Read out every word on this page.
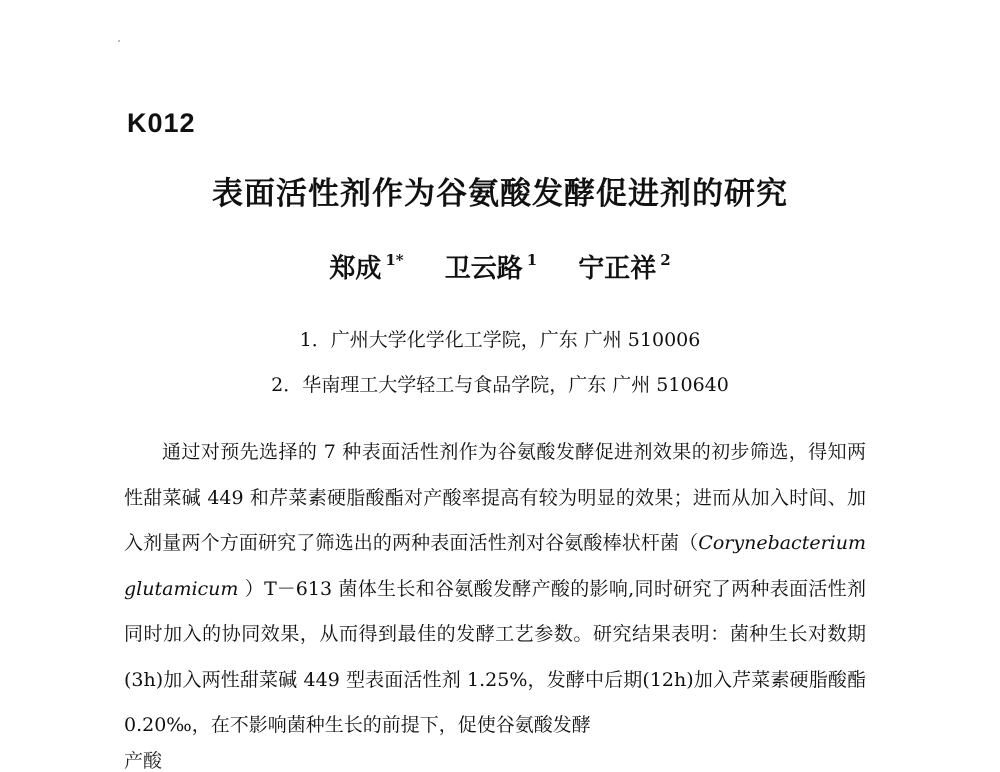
K012
表面活性剂作为谷氨酸发酵促进剂的研究
郑成 $^{1*}$ 卫云路 $^1$ 宁正祥 $^2$
1．广州大学化学化工学院，广东 广州 510006
2．华南理工大学轻工与食品学院，广东 广州 510640

通过对预先选择的 7 种表面活性剂作为谷氨酸发酵促进剂效果的初步筛选，得知两性甜菜碱 449 和芹菜素硬脂酸酯对产酸率提高有较为明显的效果；进而从加入时间、加入剂量两个方面研究了筛选出的两种表面活性剂对谷氨酸棒状杆菌（Corynebacterium glutamicum ）T－613 菌体生长和谷氨酸发酵产酸的影响,同时研究了两种表面活性剂同时加入的协同效果，从而得到最佳的发酵工艺参数。研究结果表明：菌种生长对数期(3h)加入两性甜菜碱 449 型表面活性剂 1.25%，发酵中后期(12h)加入芹菜素硬脂酸酯 0.20‰，在不影响菌种生长的前提下，促使谷氨酸发酵

产酸
